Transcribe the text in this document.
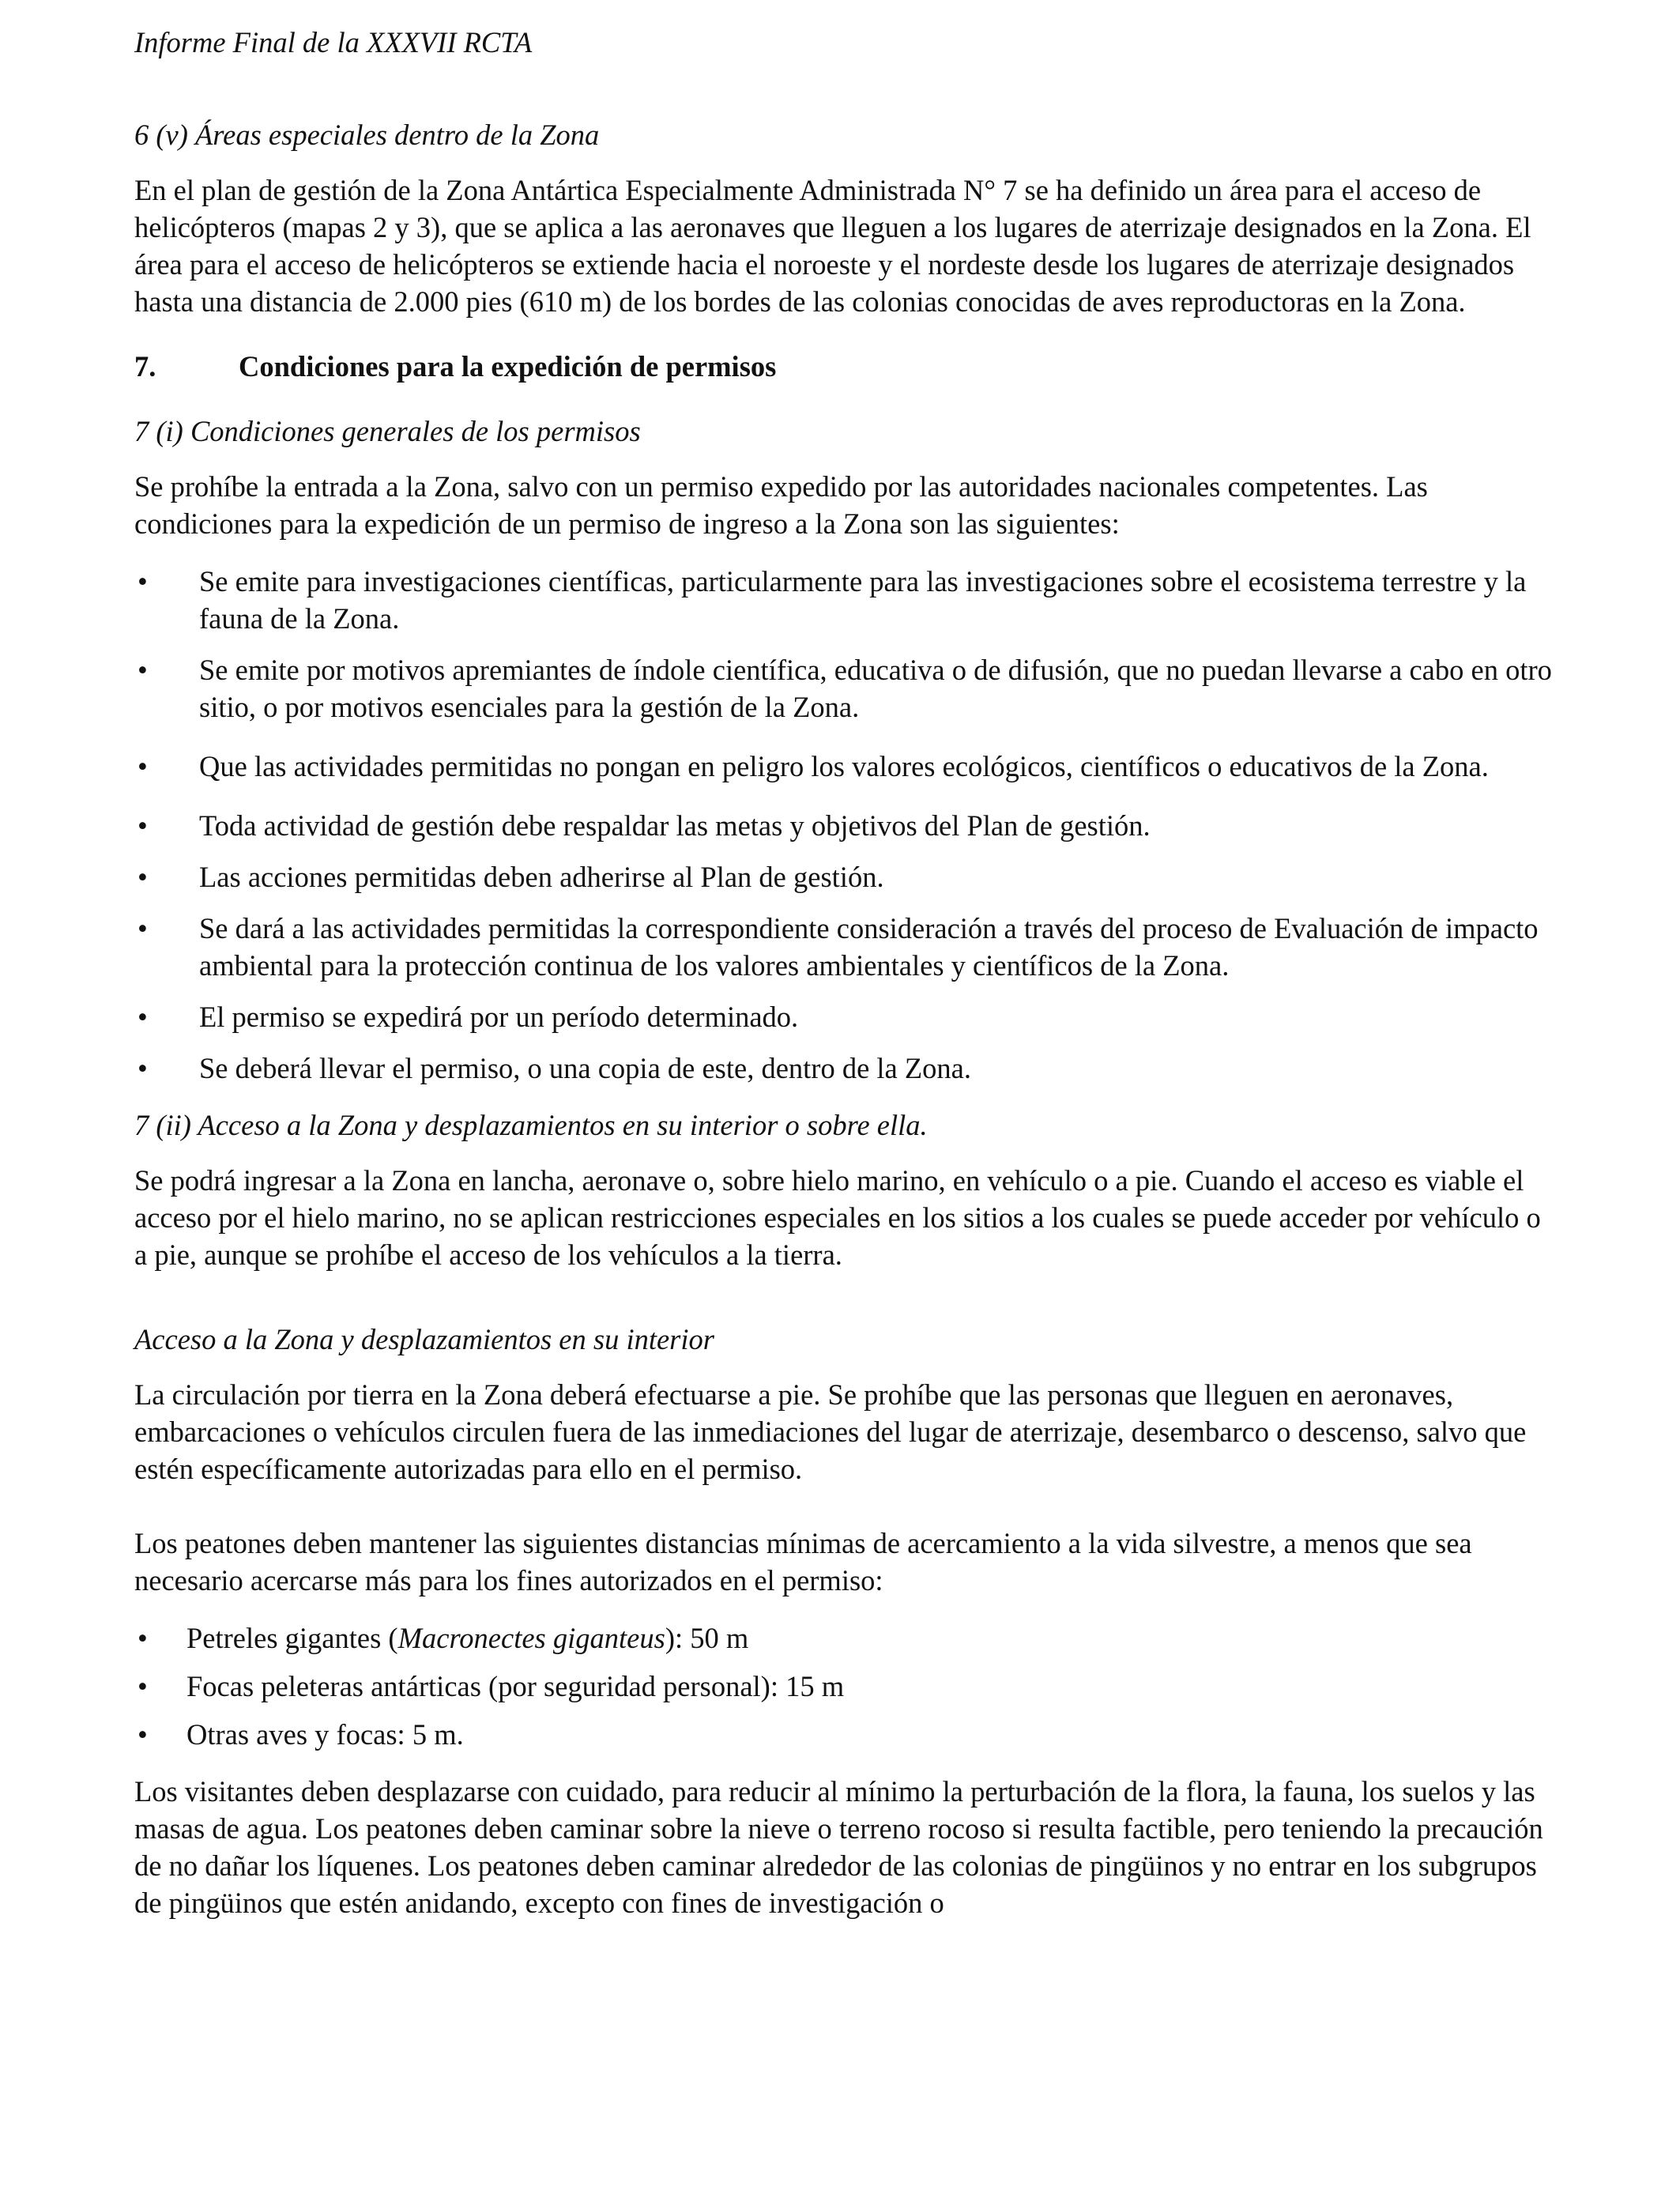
Informe Final de la XXXVII RCTA
6 (v) Áreas especiales dentro de la Zona

En el plan de gestión de la Zona Antártica Especialmente Administrada N° 7 se ha definido un área para el acceso de helicópteros (mapas 2 y 3), que se aplica a las aeronaves que lleguen a los lugares de aterrizaje designados en la Zona. El área para el acceso de helicópteros se extiende hacia el noroeste y el nordeste desde los lugares de aterrizaje designados hasta una distancia de 2.000 pies (610 m) de los bordes de las colonias conocidas de aves reproductoras en la Zona.

7.	Condiciones para la expedición de permisos
7 (i) Condiciones generales de los permisos

Se prohíbe la entrada a la Zona, salvo con un permiso expedido por las autoridades nacionales competentes. Las condiciones para la expedición de un permiso de ingreso a la Zona son las siguientes:

• Se emite para investigaciones científicas, particularmente para las investigaciones sobre el ecosistema terrestre y la fauna de la Zona.
• Se emite por motivos apremiantes de índole científica, educativa o de difusión, que no puedan llevarse a cabo en otro sitio, o por motivos esenciales para la gestión de la Zona.
• Que las actividades permitidas no pongan en peligro los valores ecológicos, científicos o educativos de la Zona.
• Toda actividad de gestión debe respaldar las metas y objetivos del Plan de gestión.
• Las acciones permitidas deben adherirse al Plan de gestión.
• Se dará a las actividades permitidas la correspondiente consideración a través del proceso de Evaluación de impacto ambiental para la protección continua de los valores ambientales y científicos de la Zona.
• El permiso se expedirá por un período determinado.
• Se deberá llevar el permiso, o una copia de este, dentro de la Zona.
7 (ii) Acceso a la Zona y desplazamientos en su interior o sobre ella.

Se podrá ingresar a la Zona en lancha, aeronave o, sobre hielo marino, en vehículo o a pie. Cuando el acceso es viable el acceso por el hielo marino, no se aplican restricciones especiales en los sitios a los cuales se puede acceder por vehículo o a pie, aunque se prohíbe el acceso de los vehículos a la tierra.

Acceso a la Zona y desplazamientos en su interior

La circulación por tierra en la Zona deberá efectuarse a pie. Se prohíbe que las personas que lleguen en aeronaves, embarcaciones o vehículos circulen fuera de las inmediaciones del lugar de aterrizaje, desembarco o descenso, salvo que estén específicamente autorizadas para ello en el permiso.

Los peatones deben mantener las siguientes distancias mínimas de acercamiento a la vida silvestre, a menos que sea necesario acercarse más para los fines autorizados en el permiso:

• Petreles gigantes (Macronectes giganteus): 50 m
• Focas peleteras antárticas (por seguridad personal): 15 m
• Otras aves y focas: 5 m.

Los visitantes deben desplazarse con cuidado, para reducir al mínimo la perturbación de la flora, la fauna, los suelos y las masas de agua. Los peatones deben caminar sobre la nieve o terreno rocoso si resulta factible, pero teniendo la precaución de no dañar los líquenes. Los peatones deben caminar alrededor de las colonias de pingüinos y no entrar en los subgrupos de pingüinos que estén anidando, excepto con fines de investigación o
